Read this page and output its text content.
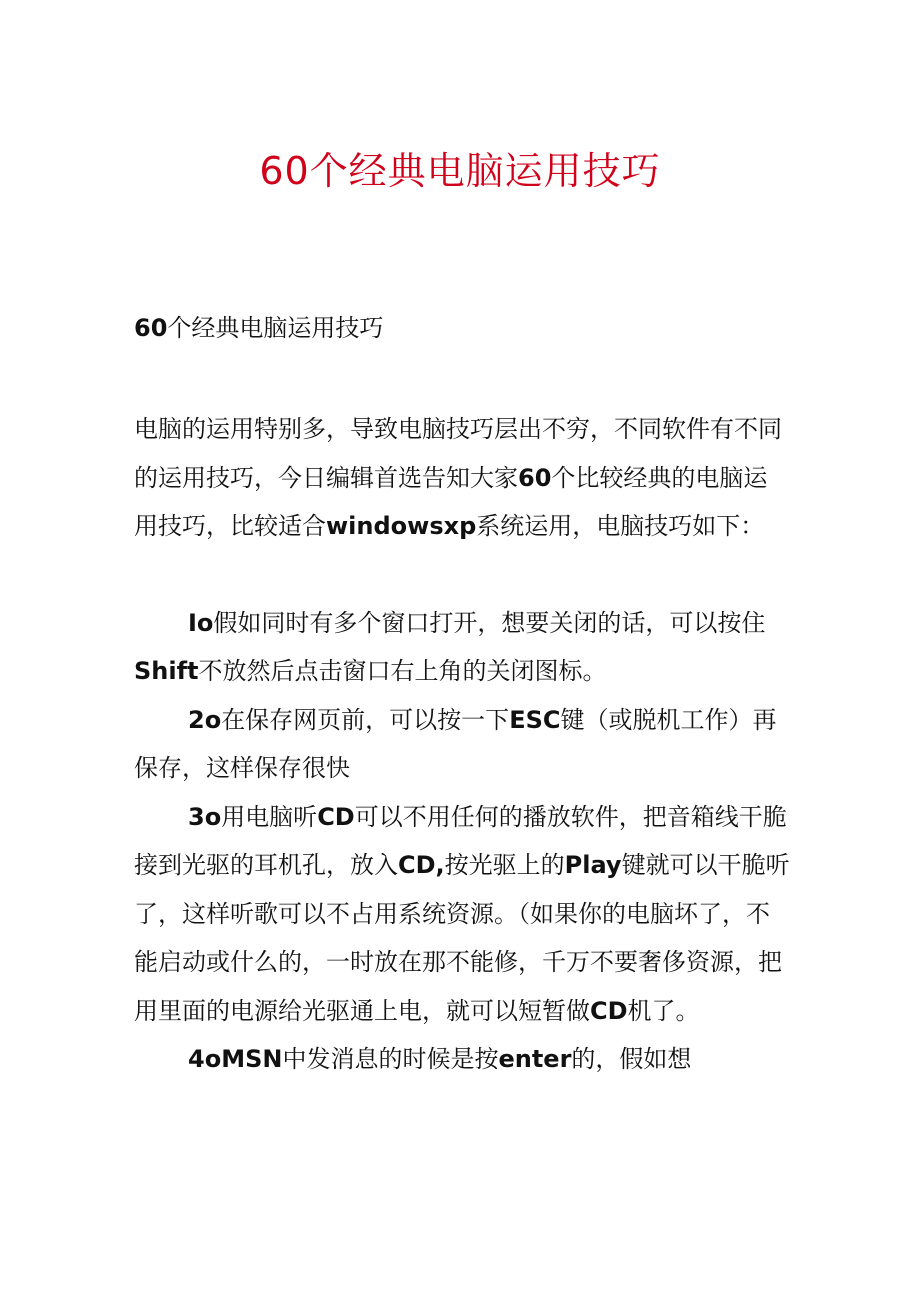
60个经典电脑运用技巧

60个经典电脑运用技巧

电脑的运用特别多，导致电脑技巧层出不穷，不同软件有不同的运用技巧，今日编辑首选告知大家60个比较经典的电脑运用技巧，比较适合windowsxp系统运用，电脑技巧如下：

Io假如同时有多个窗口打开，想要关闭的话，可以按住Shift不放然后点击窗口右上角的关闭图标。

2o在保存网页前，可以按一下ESC键（或脱机工作）再保存，这样保存很快

3o用电脑听CD可以不用任何的播放软件，把音箱线干脆接到光驱的耳机孔，放入CD,按光驱上的Play键就可以干脆听了，这样听歌可以不占用系统资源。（如果你的电脑坏了，不能启动或什么的，一时放在那不能修，千万不要奢侈资源，把用里面的电源给光驱通上电，就可以短暂做CD机了。

4oMSN中发消息的时候是按enter的，假如想
